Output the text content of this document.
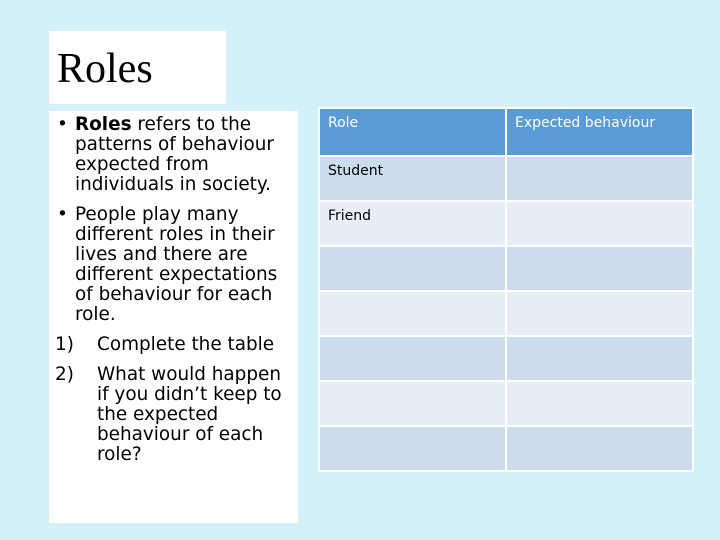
Roles

• Roles refers to the patterns of behaviour expected from individuals in society.

• People play many different roles in their lives and there are different expectations of behaviour for each role.

1) Complete the table

2) What would happen if you didn’t keep to the expected behaviour of each role?

Role	Expected behaviour

Student	

Friend	
